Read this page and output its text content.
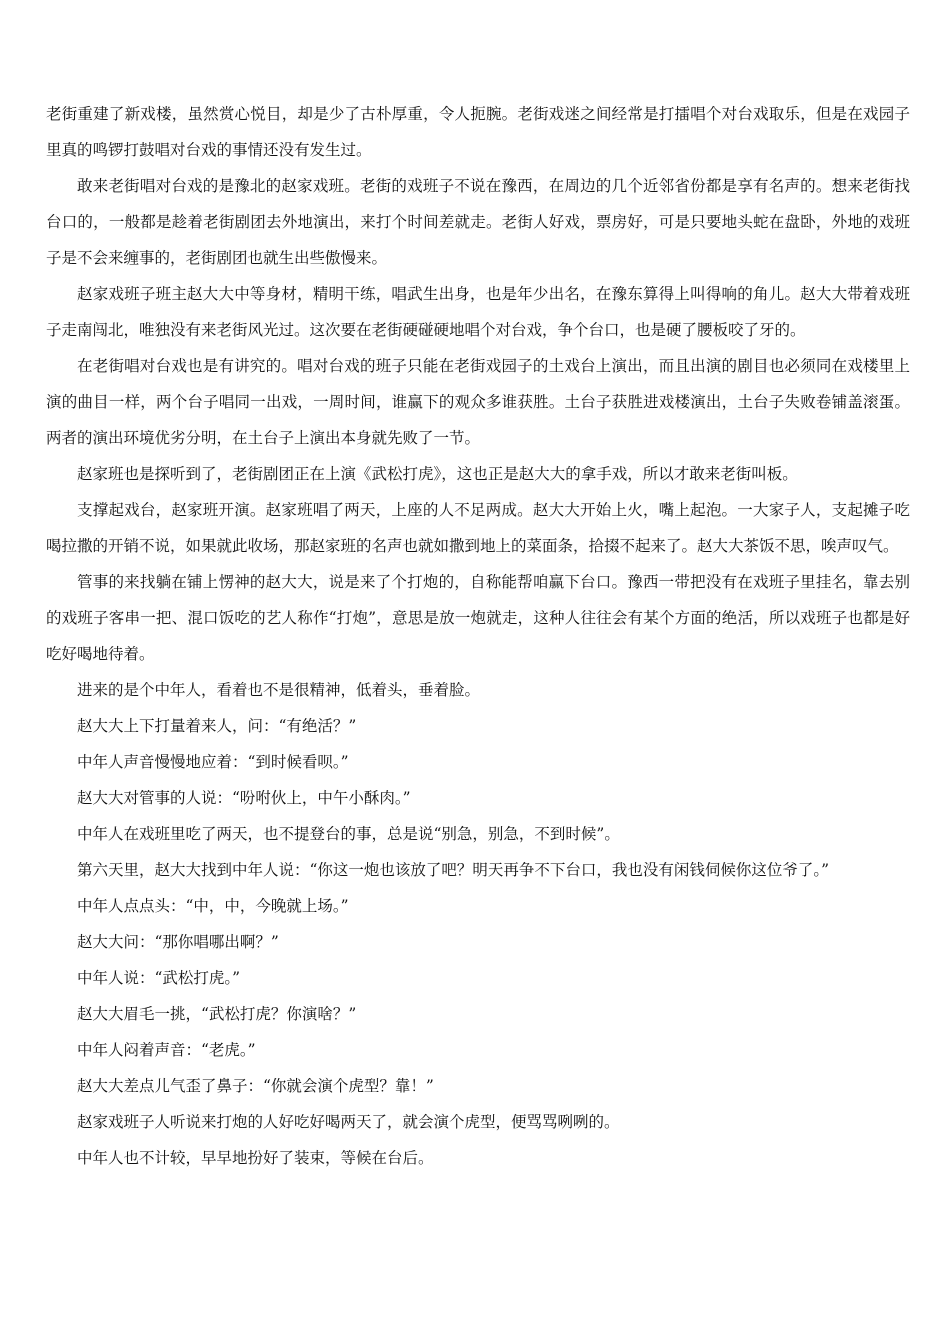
老街重建了新戏楼，虽然赏心悦目，却是少了古朴厚重，令人扼腕。老街戏迷之间经常是打擂唱个对台戏取乐，但是在戏园子里真的鸣锣打鼓唱对台戏的事情还没有发生过。

敢来老街唱对台戏的是豫北的赵家戏班。老街的戏班子不说在豫西，在周边的几个近邻省份都是享有名声的。想来老街找台口的，一般都是趁着老街剧团去外地演出，来打个时间差就走。老街人好戏，票房好，可是只要地头蛇在盘卧，外地的戏班子是不会来缠事的，老街剧团也就生出些傲慢来。

赵家戏班子班主赵大大中等身材，精明干练，唱武生出身，也是年少出名，在豫东算得上叫得响的角儿。赵大大带着戏班子走南闯北，唯独没有来老街风光过。这次要在老街硬碰硬地唱个对台戏，争个台口，也是硬了腰板咬了牙的。

在老街唱对台戏也是有讲究的。唱对台戏的班子只能在老街戏园子的土戏台上演出，而且出演的剧目也必须同在戏楼里上演的曲目一样，两个台子唱同一出戏，一周时间，谁赢下的观众多谁获胜。土台子获胜进戏楼演出，土台子失败卷铺盖滚蛋。两者的演出环境优劣分明，在土台子上演出本身就先败了一节。

赵家班也是探听到了，老街剧团正在上演《武松打虎》，这也正是赵大大的拿手戏，所以才敢来老街叫板。

支撑起戏台，赵家班开演。赵家班唱了两天，上座的人不足两成。赵大大开始上火，嘴上起泡。一大家子人，支起摊子吃喝拉撒的开销不说，如果就此收场，那赵家班的名声也就如撒到地上的菜面条，拾掇不起来了。赵大大茶饭不思，唉声叹气。

管事的来找躺在铺上愣神的赵大大，说是来了个打炮的，自称能帮咱赢下台口。豫西一带把没有在戏班子里挂名，靠去别的戏班子客串一把、混口饭吃的艺人称作“打炮”，意思是放一炮就走，这种人往往会有某个方面的绝活，所以戏班子也都是好吃好喝地待着。

进来的是个中年人，看着也不是很精神，低着头，垂着脸。

赵大大上下打量着来人，问：“有绝活？”

中年人声音慢慢地应着：“到时候看呗。”

赵大大对管事的人说：“吩咐伙上，中午小酥肉。”

中年人在戏班里吃了两天，也不提登台的事，总是说“别急，别急，不到时候”。

第六天里，赵大大找到中年人说：“你这一炮也该放了吧？明天再争不下台口，我也没有闲钱伺候你这位爷了。”

中年人点点头：“中，中，今晚就上场。”

赵大大问：“那你唱哪出啊？”

中年人说：“武松打虎。”

赵大大眉毛一挑，“武松打虎？你演啥？”

中年人闷着声音：“老虎。”

赵大大差点儿气歪了鼻子：“你就会演个虎型？靠！”

赵家戏班子人听说来打炮的人好吃好喝两天了，就会演个虎型，便骂骂咧咧的。

中年人也不计较，早早地扮好了装束，等候在台后。
